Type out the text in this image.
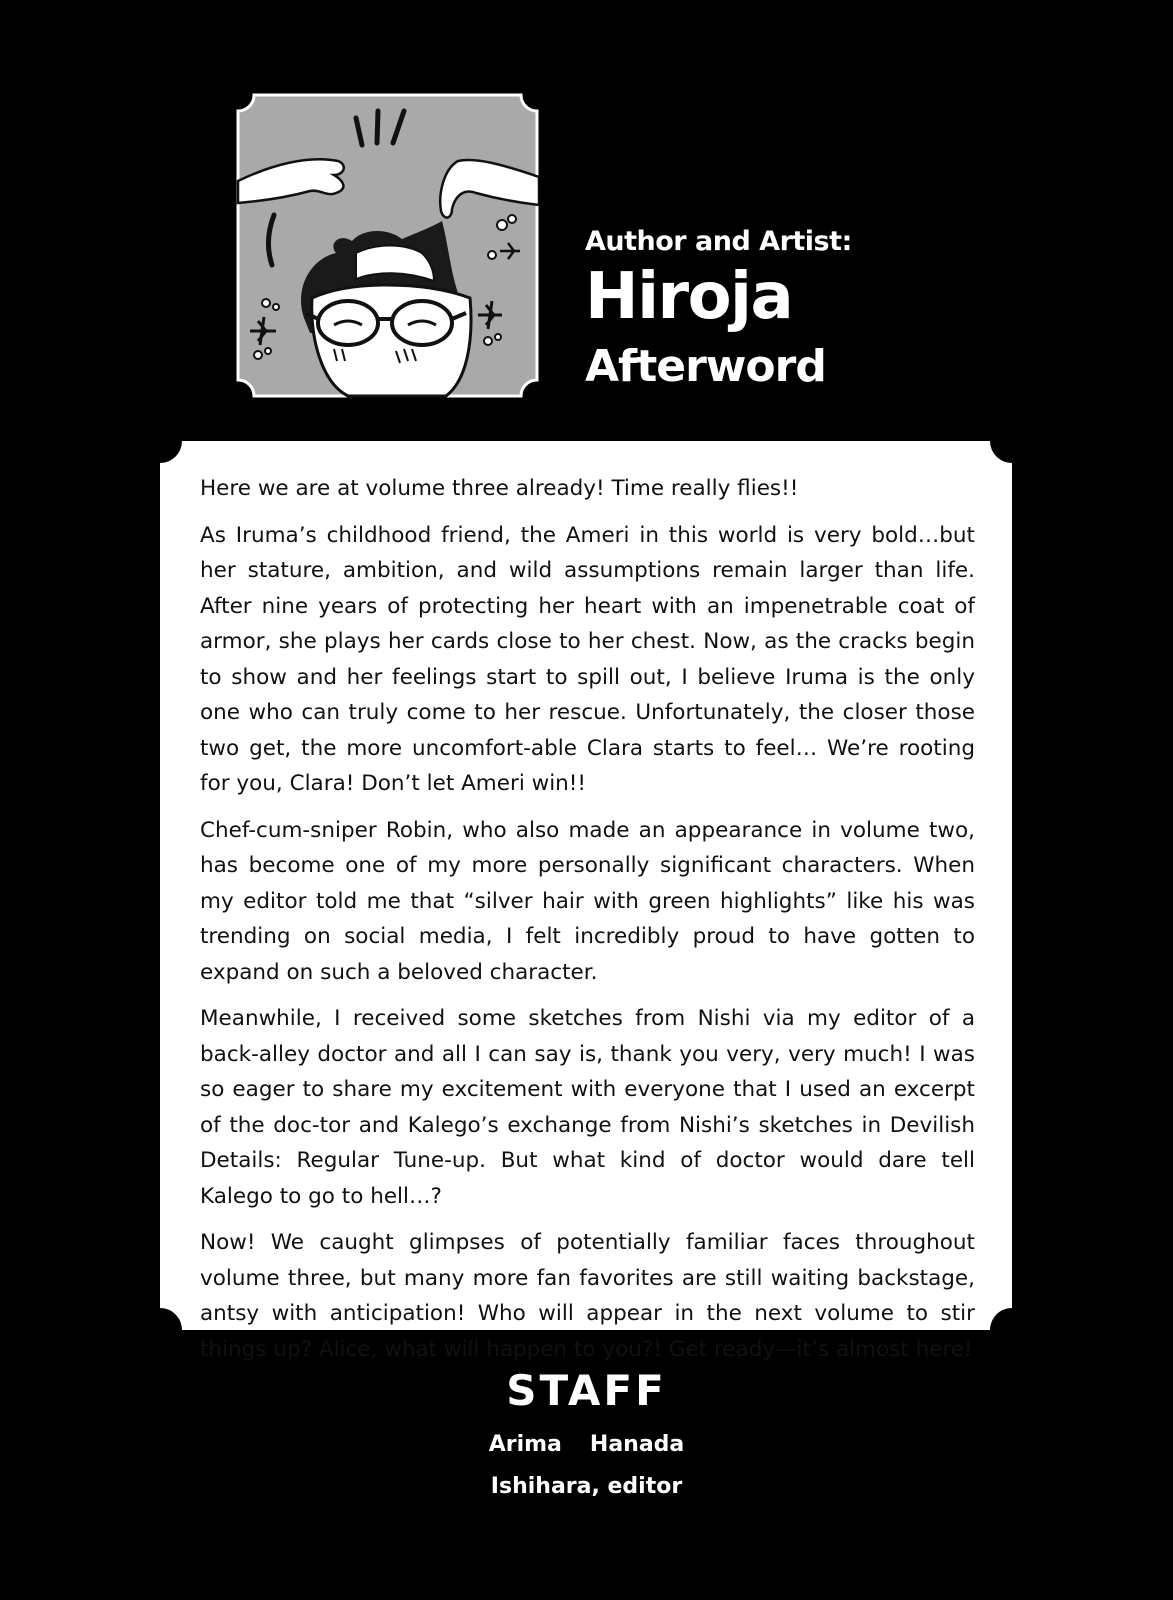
Author and Artist:

Hiroja

Afterword

Here we are at volume three already! Time really flies!!

As Iruma’s childhood friend, the Ameri in this world is very bold…but her stature, ambition, and wild assumptions remain larger than life. After nine years of protecting her heart with an impenetrable coat of armor, she plays her cards close to her chest. Now, as the cracks begin to show and her feelings start to spill out, I believe Iruma is the only one who can truly come to her rescue. Unfortunately, the closer those two get, the more uncomfort-able Clara starts to feel… We’re rooting for you, Clara! Don’t let Ameri win!!

Chef-cum-sniper Robin, who also made an appearance in volume two, has become one of my more personally significant characters. When my editor told me that “silver hair with green highlights” like his was trending on social media, I felt incredibly proud to have gotten to expand on such a beloved character.

Meanwhile, I received some sketches from Nishi via my editor of a back-alley doctor and all I can say is, thank you very, very much! I was so eager to share my excitement with everyone that I used an excerpt of the doc-tor and Kalego’s exchange from Nishi’s sketches in Devilish Details: Regular Tune-up. But what kind of doctor would dare tell Kalego to go to hell…?

Now! We caught glimpses of potentially familiar faces throughout volume three, but many more fan favorites are still waiting backstage, antsy with anticipation! Who will appear in the next volume to stir things up? Alice, what will happen to you?! Get ready—it’s almost here!

STAFF

Arima Hanada

Ishihara, editor
